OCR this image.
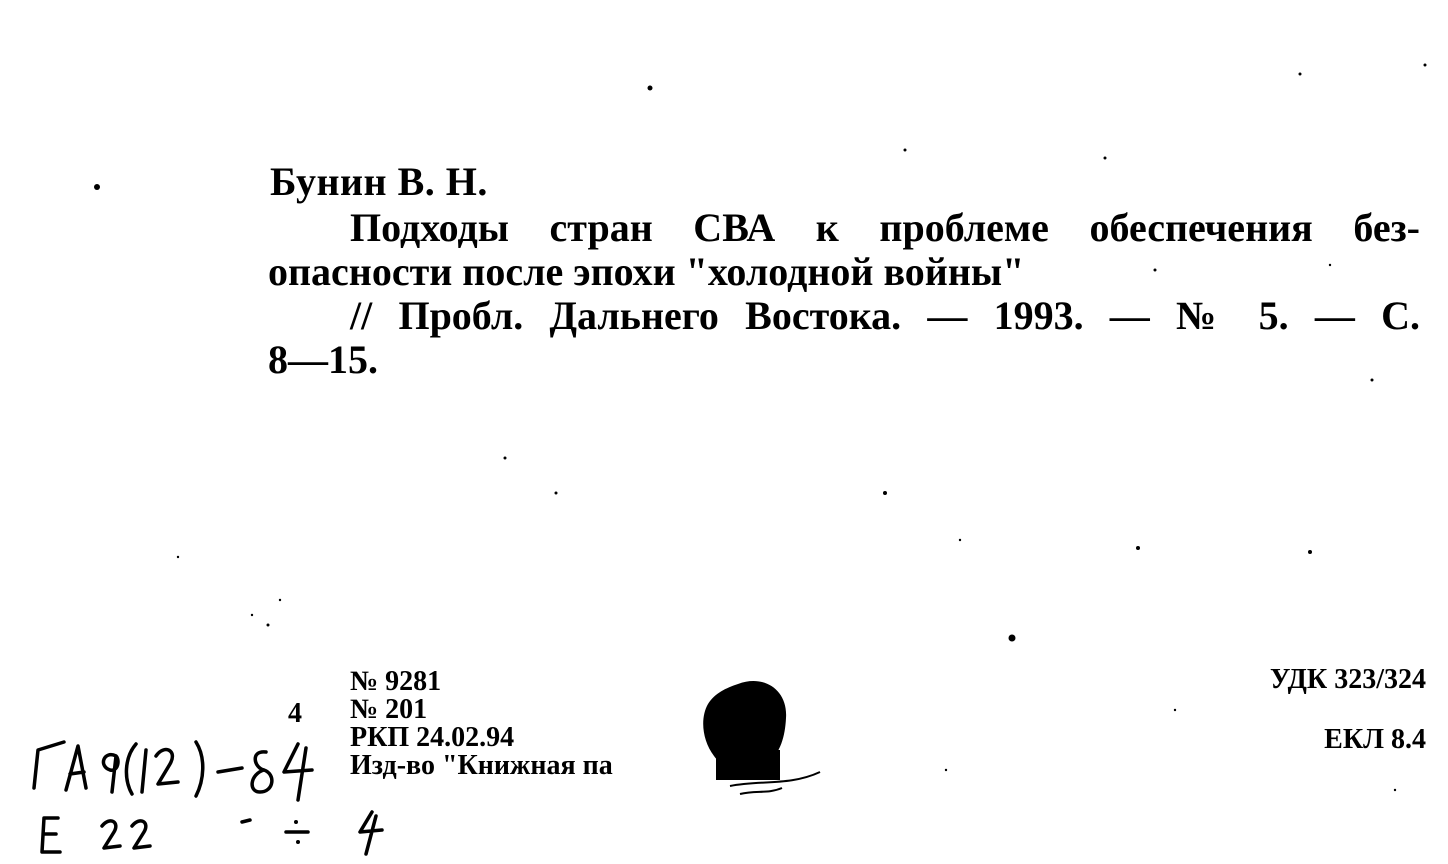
Бунин В. Н.
Подходы стран СВА к проблеме обеспечения без-
опасности после эпохи "холодной войны"
// Пробл. Дальнего Востока. — 1993. — № 5. — С.
8—15.
4
№ 9281
№ 201
РКП 24.02.94
Изд-во "Книжная па
УДК 323/324
ЕКЛ 8.4
